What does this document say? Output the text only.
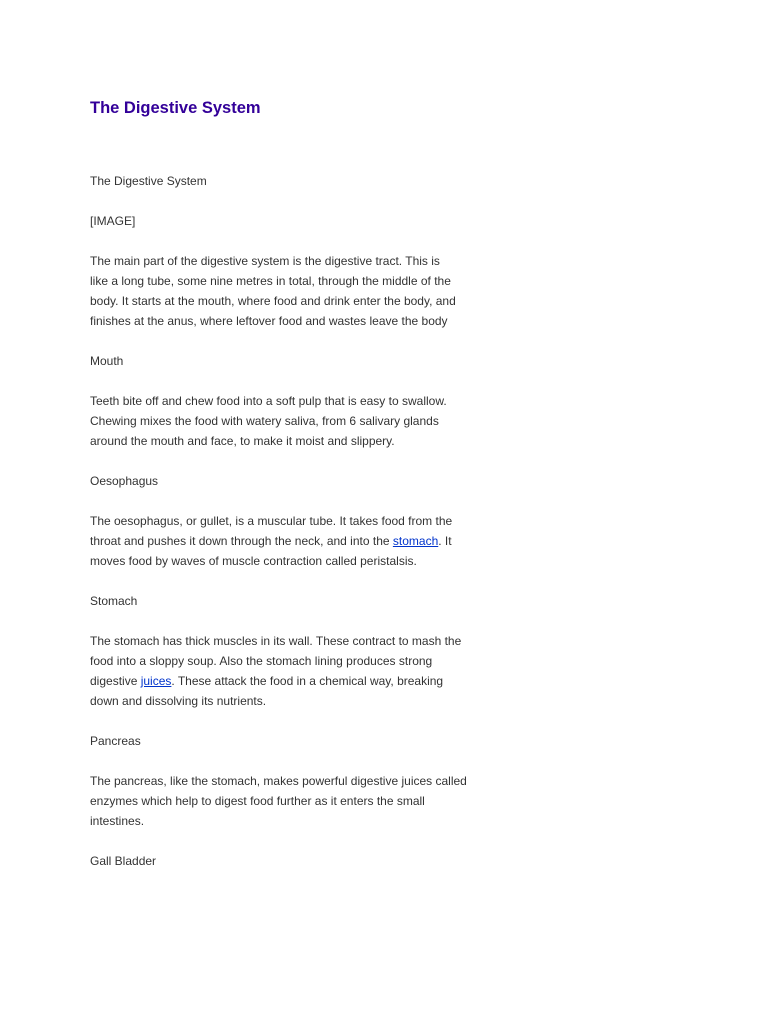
The Digestive System

The Digestive System

[IMAGE]

The main part of the digestive system is the digestive tract. This is
like a long tube, some nine metres in total, through the middle of the
body. It starts at the mouth, where food and drink enter the body, and
finishes at the anus, where leftover food and wastes leave the body

Mouth

Teeth bite off and chew food into a soft pulp that is easy to swallow.
Chewing mixes the food with watery saliva, from 6 salivary glands
around the mouth and face, to make it moist and slippery.

Oesophagus

The oesophagus, or gullet, is a muscular tube. It takes food from the
throat and pushes it down through the neck, and into the stomach. It
moves food by waves of muscle contraction called peristalsis.

Stomach

The stomach has thick muscles in its wall. These contract to mash the
food into a sloppy soup. Also the stomach lining produces strong
digestive juices. These attack the food in a chemical way, breaking
down and dissolving its nutrients.

Pancreas

The pancreas, like the stomach, makes powerful digestive juices called
enzymes which help to digest food further as it enters the small
intestines.

Gall Bladder
